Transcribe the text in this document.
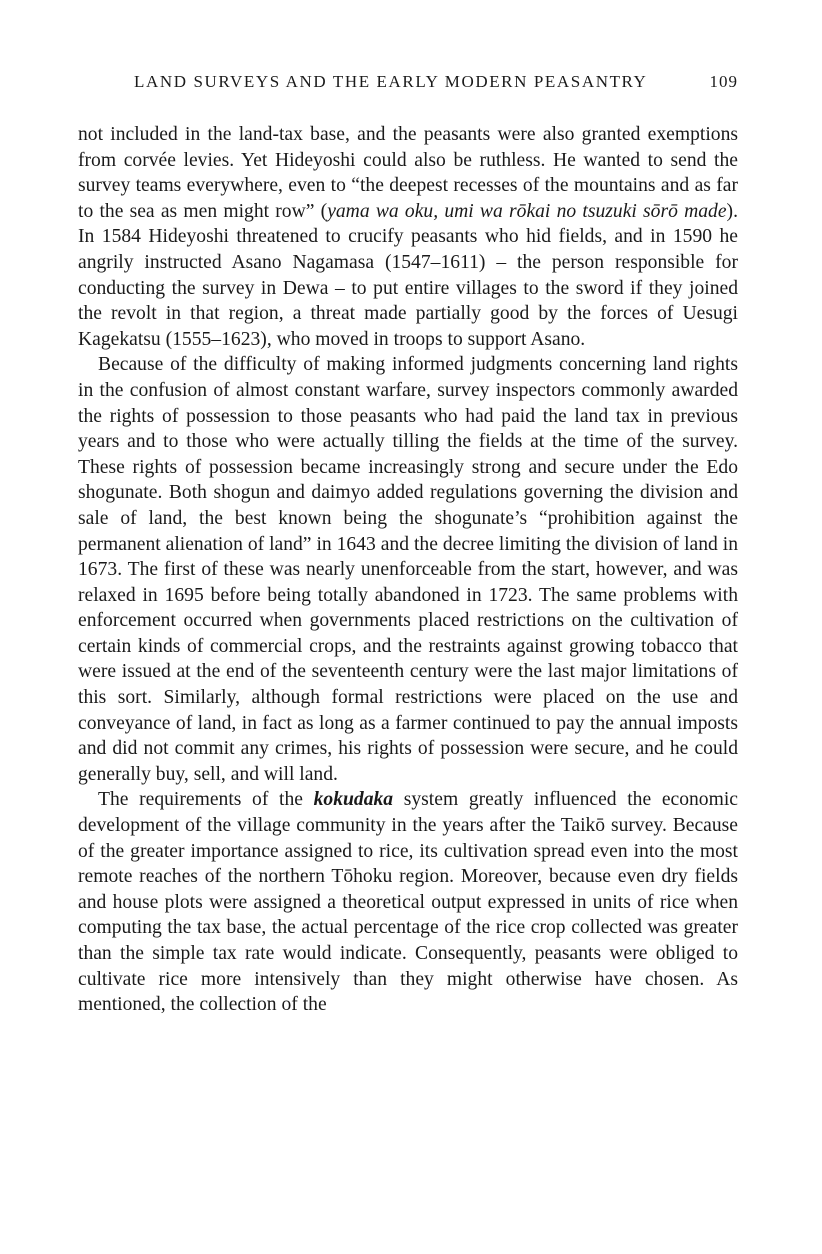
LAND SURVEYS AND THE EARLY MODERN PEASANTRY	109

not included in the land-tax base, and the peasants were also granted exemptions from corvée levies. Yet Hideyoshi could also be ruthless. He wanted to send the survey teams everywhere, even to “the deepest recesses of the mountains and as far to the sea as men might row” (yama wa oku, umi wa rōkai no tsuzuki sōrō made). In 1584 Hideyoshi threatened to crucify peasants who hid fields, and in 1590 he angrily instructed Asano Nagamasa (1547–1611) – the person responsible for conducting the survey in Dewa – to put entire villages to the sword if they joined the revolt in that region, a threat made partially good by the forces of Uesugi Kagekatsu (1555–1623), who moved in troops to support Asano.

Because of the difficulty of making informed judgments concerning land rights in the confusion of almost constant warfare, survey inspectors commonly awarded the rights of possession to those peasants who had paid the land tax in previous years and to those who were actually tilling the fields at the time of the survey. These rights of possession became increasingly strong and secure under the Edo shogunate. Both shogun and daimyo added regulations governing the division and sale of land, the best known being the shogunate’s “prohibition against the permanent alienation of land” in 1643 and the decree limiting the division of land in 1673. The first of these was nearly unenforceable from the start, however, and was relaxed in 1695 before being totally abandoned in 1723. The same problems with enforcement occurred when governments placed restrictions on the cultivation of certain kinds of commercial crops, and the restraints against growing tobacco that were issued at the end of the seventeenth century were the last major limitations of this sort. Similarly, although formal restrictions were placed on the use and conveyance of land, in fact as long as a farmer continued to pay the annual imposts and did not commit any crimes, his rights of possession were secure, and he could generally buy, sell, and will land.

The requirements of the kokudaka system greatly influenced the economic development of the village community in the years after the Taikō survey. Because of the greater importance assigned to rice, its cultivation spread even into the most remote reaches of the northern Tōhoku region. Moreover, because even dry fields and house plots were assigned a theoretical output expressed in units of rice when computing the tax base, the actual percentage of the rice crop collected was greater than the simple tax rate would indicate. Consequently, peasants were obliged to cultivate rice more intensively than they might otherwise have chosen. As mentioned, the collection of the
